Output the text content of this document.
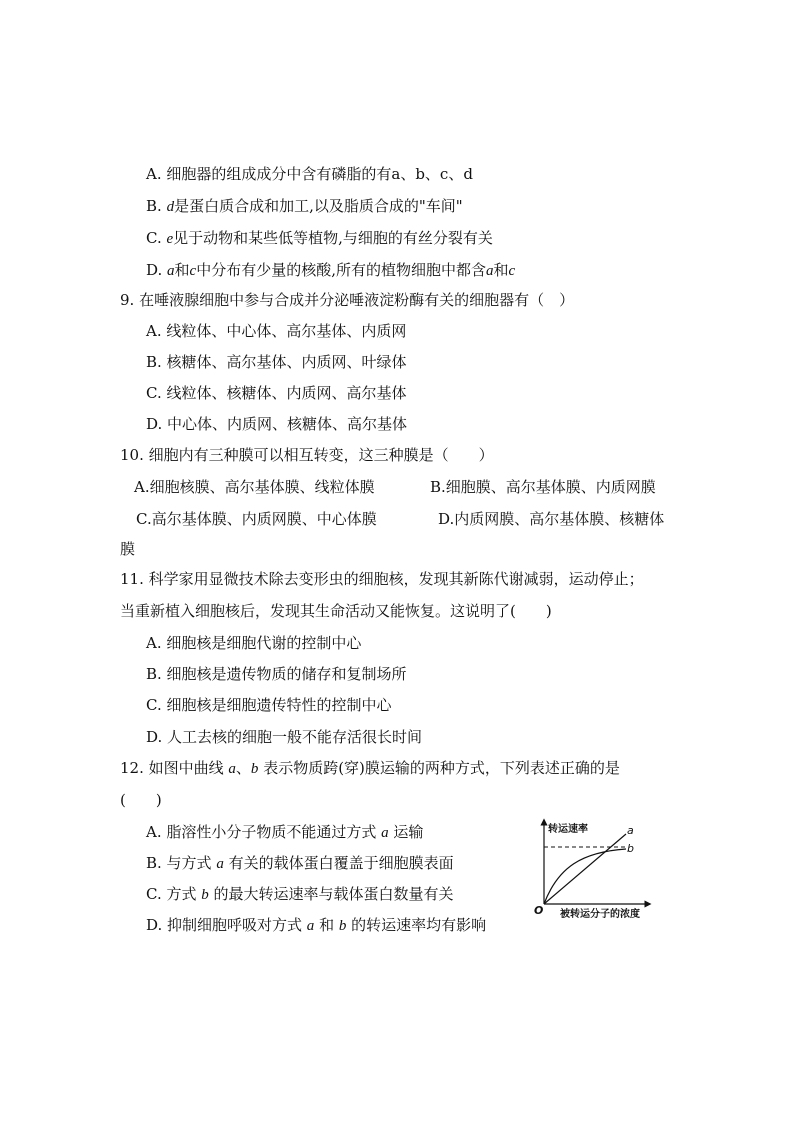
A. 细胞器的组成成分中含有磷脂的有a、b、c、d
B. d是蛋白质合成和加工,以及脂质合成的"车间"
C. e见于动物和某些低等植物,与细胞的有丝分裂有关
D. a和c中分布有少量的核酸,所有的植物细胞中都含a和c
9. 在唾液腺细胞中参与合成并分泌唾液淀粉酶有关的细胞器有（　）
A. 线粒体、中心体、高尔基体、内质网
B. 核糖体、高尔基体、内质网、叶绿体
C. 线粒体、核糖体、内质网、高尔基体
D. 中心体、内质网、核糖体、高尔基体
10. 细胞内有三种膜可以相互转变，这三种膜是（　　）
A.细胞核膜、高尔基体膜、线粒体膜	B.细胞膜、高尔基体膜、内质网膜
C.高尔基体膜、内质网膜、中心体膜	D.内质网膜、高尔基体膜、核糖体
膜
11. 科学家用显微技术除去变形虫的细胞核，发现其新陈代谢减弱，运动停止；
当重新植入细胞核后，发现其生命活动又能恢复。这说明了(　　)
A. 细胞核是细胞代谢的控制中心
B. 细胞核是遗传物质的储存和复制场所
C. 细胞核是细胞遗传特性的控制中心
D. 人工去核的细胞一般不能存活很长时间
12. 如图中曲线 a、b 表示物质跨(穿)膜运输的两种方式，下列表述正确的是
(　　)
A. 脂溶性小分子物质不能通过方式 a 运输
B. 与方式 a 有关的载体蛋白覆盖于细胞膜表面
C. 方式 b 的最大转运速率与载体蛋白数量有关
D. 抑制细胞呼吸对方式 a 和 b 的转运速率均有影响
转运速率
被转运分子的浓度
O
a
b
